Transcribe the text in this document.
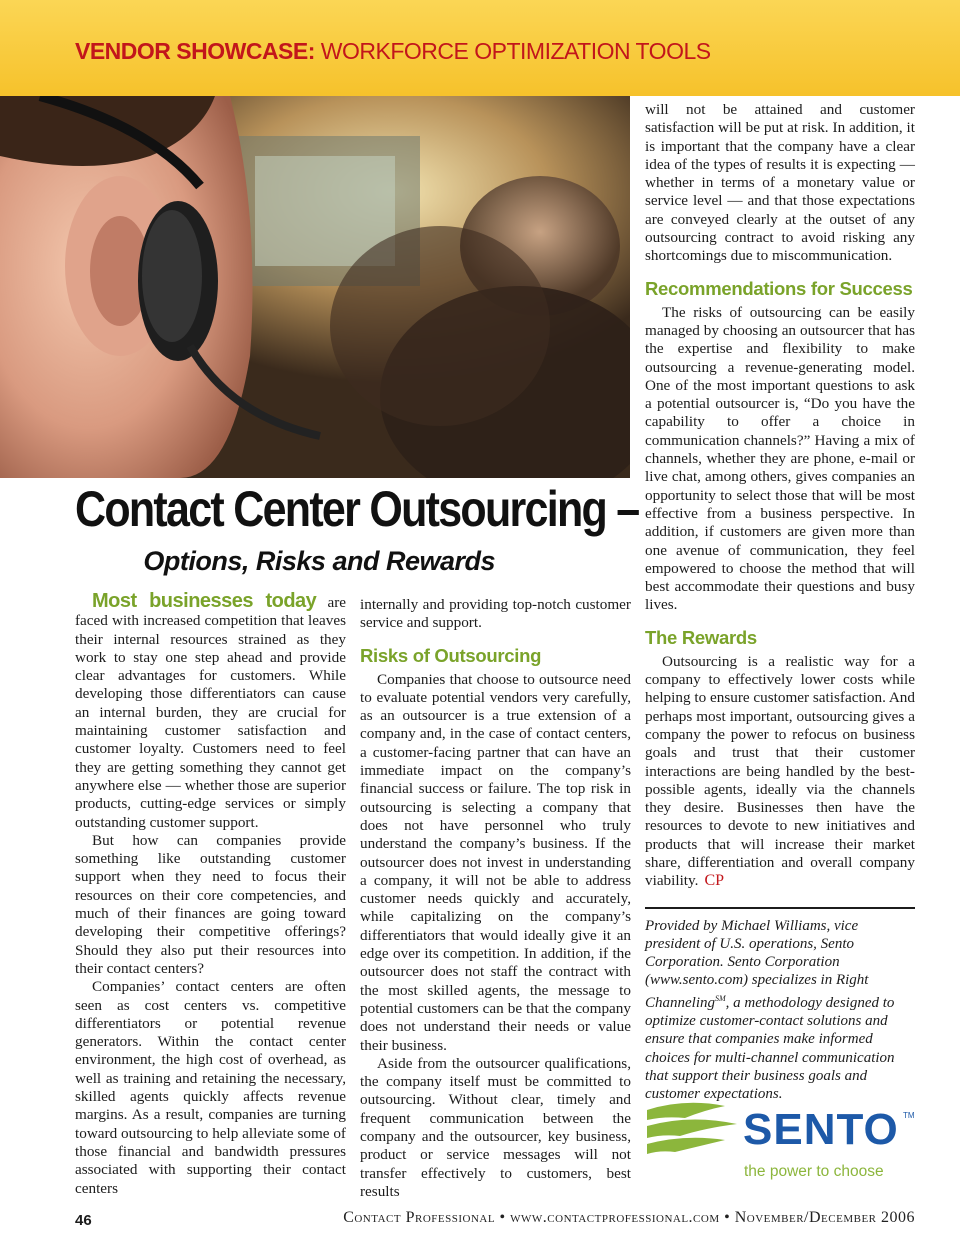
VENDOR SHOWCASE: WORKFORCE OPTIMIZATION TOOLS
Contact Center Outsourcing –
Options, Risks and Rewards

Most businesses today are faced with increased competition that leaves their internal resources strained as they work to stay one step ahead and provide clear advantages for customers. While developing those differentiators can cause an internal burden, they are crucial for maintaining customer satisfaction and customer loyalty. Customers need to feel they are getting something they cannot get anywhere else — whether those are superior products, cutting-edge services or simply outstanding customer support.

But how can companies provide something like outstanding customer support when they need to focus their resources on their core competencies, and much of their finances are going toward developing their competitive offerings? Should they also put their resources into their contact centers?

Companies’ contact centers are often seen as cost centers vs. competitive differentiators or potential revenue generators. Within the contact center environment, the high cost of overhead, as well as training and retaining the necessary, skilled agents quickly affects revenue margins. As a result, companies are turning toward outsourcing to help alleviate some of those financial and bandwidth pressures associated with supporting their contact centers

internally and providing top-notch customer service and support.

Risks of Outsourcing

Companies that choose to outsource need to evaluate potential vendors very carefully, as an outsourcer is a true extension of a company and, in the case of contact centers, a customer-facing partner that can have an immediate impact on the company’s financial success or failure. The top risk in outsourcing is selecting a company that does not have personnel who truly understand the company’s business. If the outsourcer does not invest in understanding a company, it will not be able to address customer needs quickly and accurately, while capitalizing on the company’s differentiators that would ideally give it an edge over its competition. In addition, if the outsourcer does not staff the contract with the most skilled agents, the message to potential customers can be that the company does not understand their needs or value their business.

Aside from the outsourcer qualifications, the company itself must be committed to outsourcing. Without clear, timely and frequent communication between the company and the outsourcer, key business, product or service messages will not transfer effectively to customers, best results

will not be attained and customer satisfaction will be put at risk. In addition, it is important that the company have a clear idea of the types of results it is expecting — whether in terms of a monetary value or service level — and that those expectations are conveyed clearly at the outset of any outsourcing contract to avoid risking any shortcomings due to miscommunication.

Recommendations for Success

The risks of outsourcing can be easily managed by choosing an outsourcer that has the expertise and flexibility to make outsourcing a revenue-generating model. One of the most important questions to ask a potential outsourcer is, “Do you have the capability to offer a choice in communication channels?” Having a mix of channels, whether they are phone, e-mail or live chat, among others, gives companies an opportunity to select those that will be most effective from a business perspective. In addition, if customers are given more than one avenue of communication, they feel empowered to choose the method that will best accommodate their questions and busy lives.

The Rewards

Outsourcing is a realistic way for a company to effectively lower costs while helping to ensure customer satisfaction. And perhaps most important, outsourcing gives a company the power to refocus on business goals and trust that their customer interactions are being handled by the best-possible agents, ideally via the channels they desire. Businesses then have the resources to devote to new initiatives and products that will increase their market share, differentiation and overall company viability. CP

Provided by Michael Williams, vice president of U.S. operations, Sento Corporation. Sento Corporation (www.sento.com) specializes in Right Channeling℠, a methodology designed to optimize customer-contact solutions and ensure that companies make informed choices for multi-channel communication that support their business goals and customer expectations.
SENTO TM
the power to choose
46	Contact Professional • www.contactprofessional.com • November/December 2006
